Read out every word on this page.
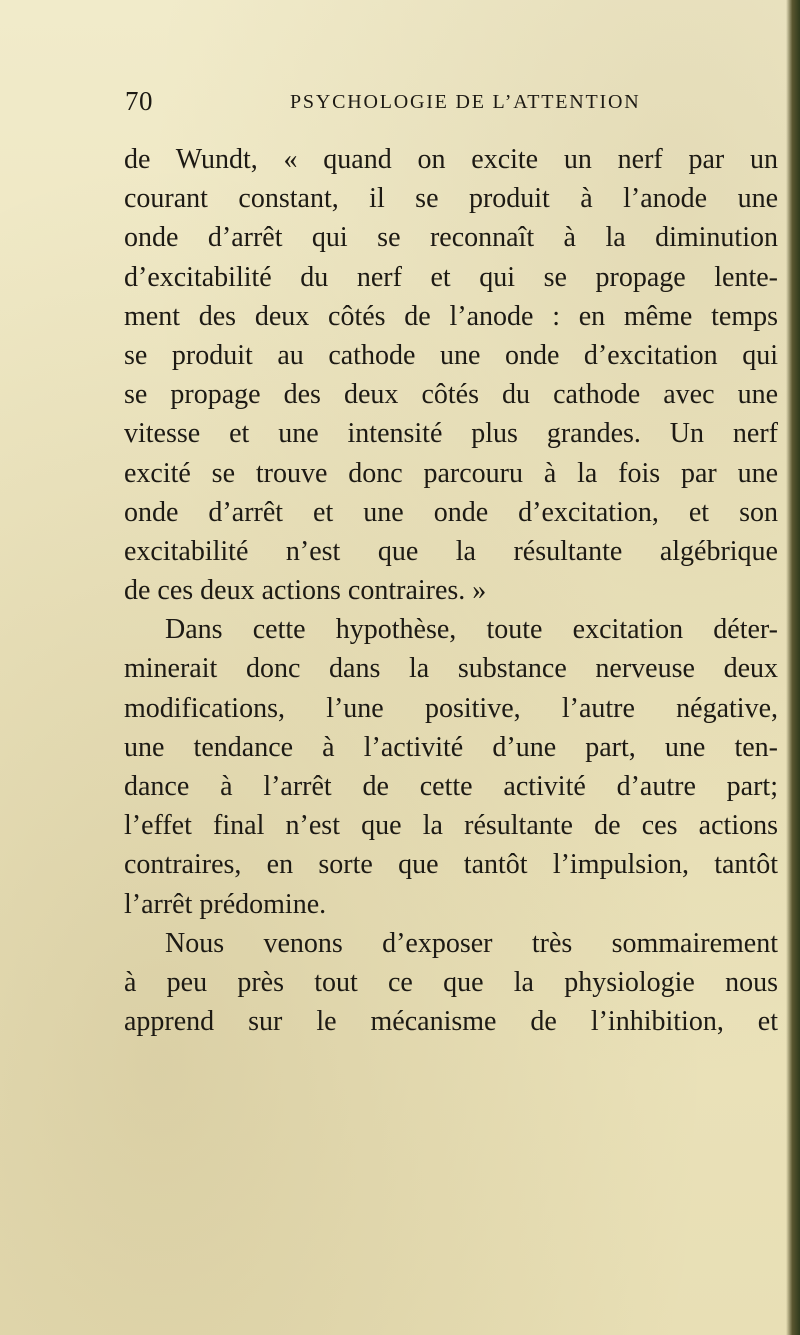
70	PSYCHOLOGIE DE L’ATTENTION
de Wundt, « quand on excite un nerf par un
courant constant, il se produit à l’anode une
onde d’arrêt qui se reconnaît à la diminution
d’excitabilité du nerf et qui se propage lente-
ment des deux côtés de l’anode : en même temps
se produit au cathode une onde d’excitation qui
se propage des deux côtés du cathode avec une
vitesse et une intensité plus grandes. Un nerf
excité se trouve donc parcouru à la fois par une
onde d’arrêt et une onde d’excitation, et son
excitabilité n’est que la résultante algébrique
de ces deux actions contraires. »
Dans cette hypothèse, toute excitation déter-
minerait donc dans la substance nerveuse deux
modifications, l’une positive, l’autre négative,
une tendance à l’activité d’une part, une ten-
dance à l’arrêt de cette activité d’autre part;
l’effet final n’est que la résultante de ces actions
contraires, en sorte que tantôt l’impulsion, tantôt
l’arrêt prédomine.
Nous venons d’exposer très sommairement
à peu près tout ce que la physiologie nous
apprend sur le mécanisme de l’inhibition, et
